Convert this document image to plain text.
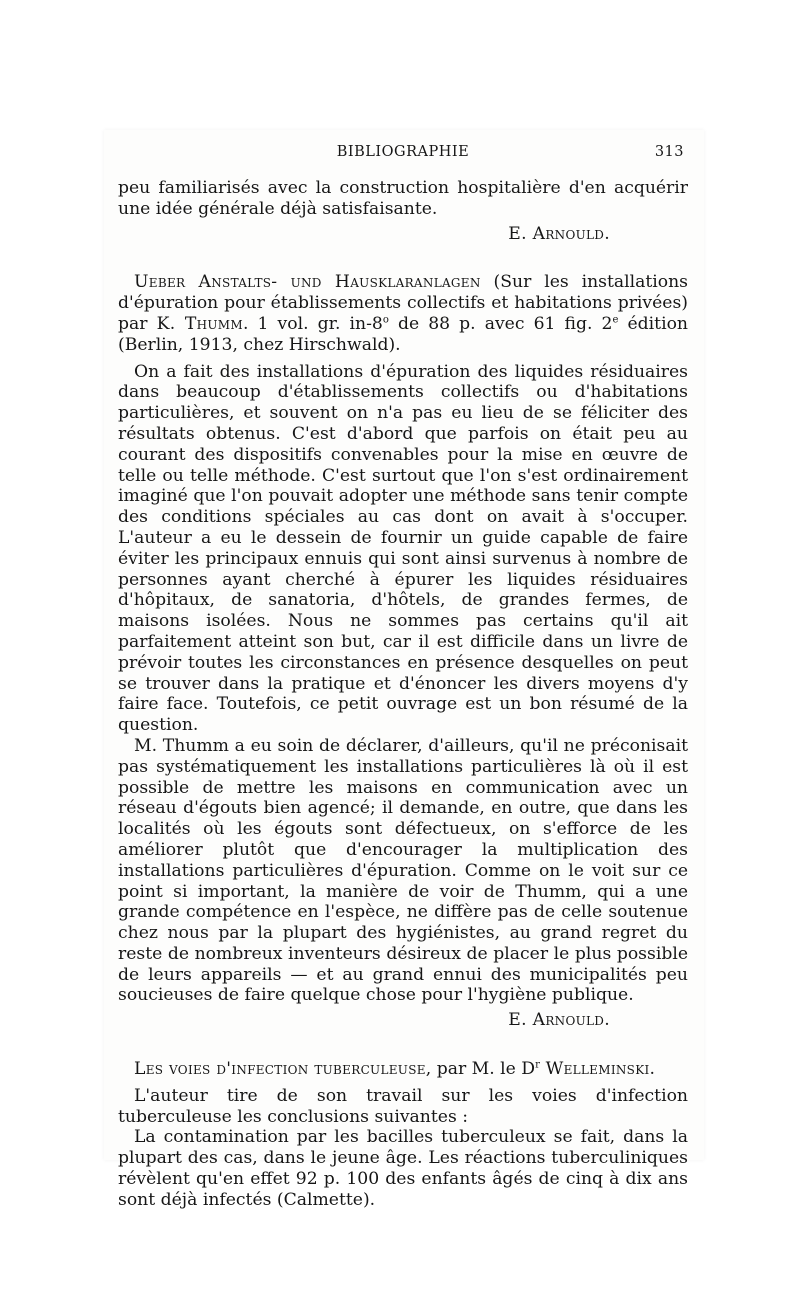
BIBLIOGRAPHIE	313

peu familiarisés avec la construction hospitalière d'en acquérir une idée générale déjà satisfaisante.

E. Arnould.

Ueber Anstalts- und Hausklaranlagen (Sur les installations d'épuration pour établissements collectifs et habitations privées) par K. Thumm. 1 vol. gr. in-8$^o$ de 88 p. avec 61 fig. 2e édition (Berlin, 1913, chez Hirschwald).

On a fait des installations d'épuration des liquides résiduaires dans beaucoup d'établissements collectifs ou d'habitations particulières, et souvent on n'a pas eu lieu de se féliciter des résultats obtenus. C'est d'abord que parfois on était peu au courant des dispositifs convenables pour la mise en œuvre de telle ou telle méthode. C'est surtout que l'on s'est ordinairement imaginé que l'on pouvait adopter une méthode sans tenir compte des conditions spéciales au cas dont on avait à s'occuper. L'auteur a eu le dessein de fournir un guide capable de faire éviter les principaux ennuis qui sont ainsi survenus à nombre de personnes ayant cherché à épurer les liquides résiduaires d'hôpitaux, de sanatoria, d'hôtels, de grandes fermes, de maisons isolées. Nous ne sommes pas certains qu'il ait parfaitement atteint son but, car il est difficile dans un livre de prévoir toutes les circonstances en présence desquelles on peut se trouver dans la pratique et d'énoncer les divers moyens d'y faire face. Toutefois, ce petit ouvrage est un bon résumé de la question.

M. Thumm a eu soin de déclarer, d'ailleurs, qu'il ne préconisait pas systématiquement les installations particulières là où il est possible de mettre les maisons en communication avec un réseau d'égouts bien agencé; il demande, en outre, que dans les localités où les égouts sont défectueux, on s'efforce de les améliorer plutôt que d'encourager la multiplication des installations particulières d'épuration. Comme on le voit sur ce point si important, la manière de voir de Thumm, qui a une grande compétence en l'espèce, ne diffère pas de celle soutenue chez nous par la plupart des hygiénistes, au grand regret du reste de nombreux inventeurs désireux de placer le plus possible de leurs appareils — et au grand ennui des municipalités peu soucieuses de faire quelque chose pour l'hygiène publique.

E. Arnould.

Les voies d'infection tuberculeuse, par M. le $D^r$ Welleminski.

L'auteur tire de son travail sur les voies d'infection tuberculeuse les conclusions suivantes :

La contamination par les bacilles tuberculeux se fait, dans la plupart des cas, dans le jeune âge. Les réactions tuberculiniques révèlent qu'en effet 92 p. 100 des enfants âgés de cinq à dix ans sont déjà infectés (Calmette).
